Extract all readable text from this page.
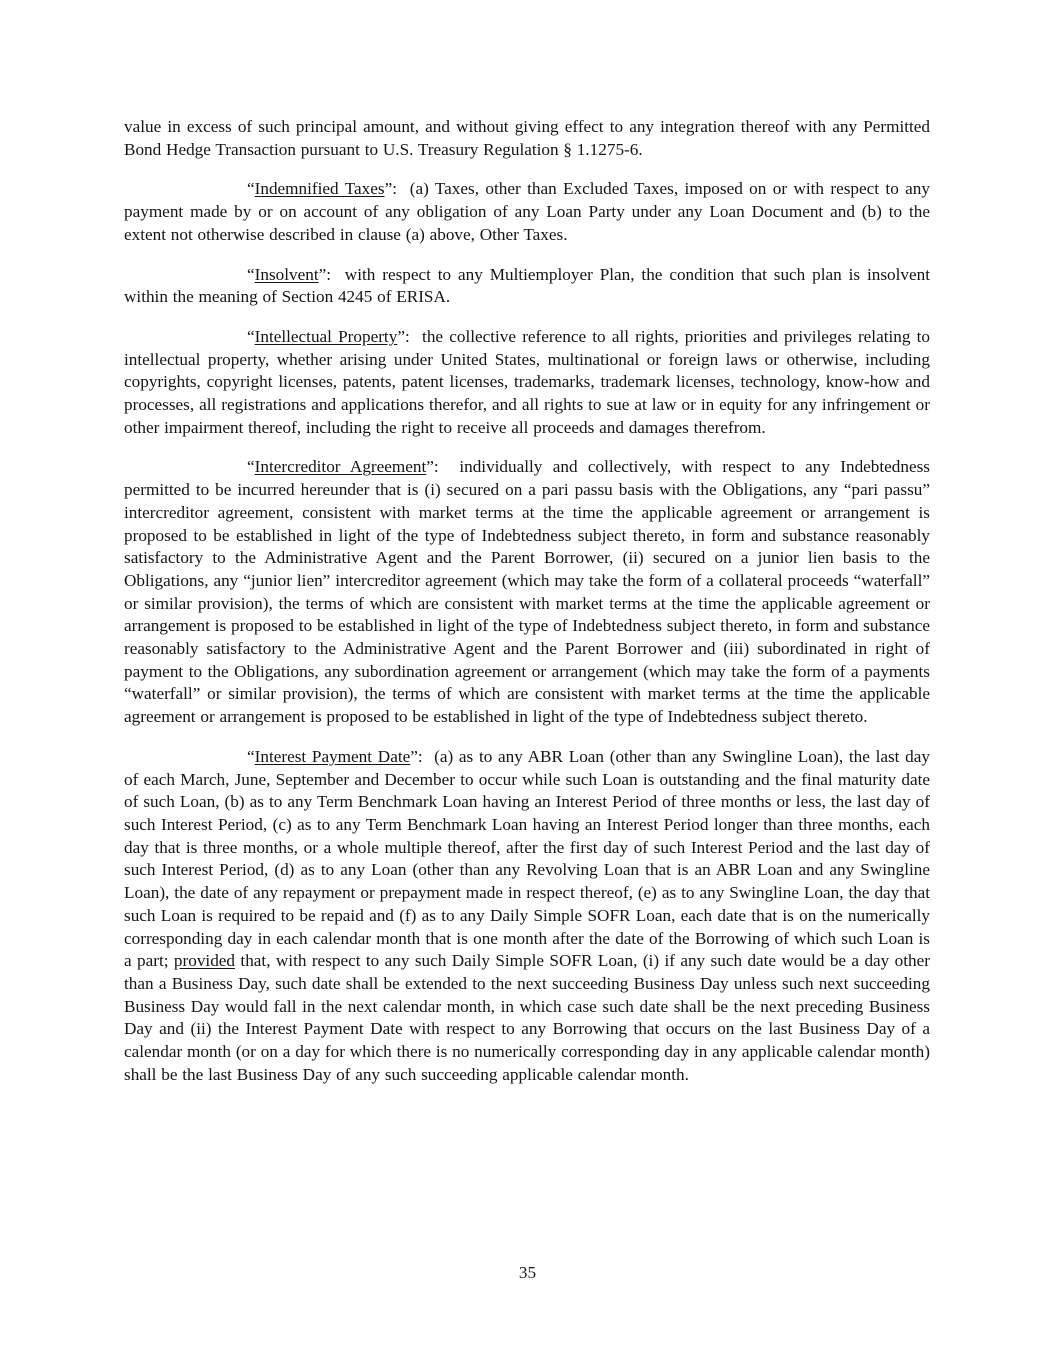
value in excess of such principal amount, and without giving effect to any integration thereof with any Permitted Bond Hedge Transaction pursuant to U.S. Treasury Regulation § 1.1275-6.

“Indemnified Taxes”:  (a) Taxes, other than Excluded Taxes, imposed on or with respect to any payment made by or on account of any obligation of any Loan Party under any Loan Document and (b) to the extent not otherwise described in clause (a) above, Other Taxes.

“Insolvent”:  with respect to any Multiemployer Plan, the condition that such plan is insolvent within the meaning of Section 4245 of ERISA.

“Intellectual Property”:  the collective reference to all rights, priorities and privileges relating to intellectual property, whether arising under United States, multinational or foreign laws or otherwise, including copyrights, copyright licenses, patents, patent licenses, trademarks, trademark licenses, technology, know-how and processes, all registrations and applications therefor, and all rights to sue at law or in equity for any infringement or other impairment thereof, including the right to receive all proceeds and damages therefrom.

“Intercreditor Agreement”:  individually and collectively, with respect to any Indebtedness permitted to be incurred hereunder that is (i) secured on a pari passu basis with the Obligations, any “pari passu” intercreditor agreement, consistent with market terms at the time the applicable agreement or arrangement is proposed to be established in light of the type of Indebtedness subject thereto, in form and substance reasonably satisfactory to the Administrative Agent and the Parent Borrower, (ii) secured on a junior lien basis to the Obligations, any “junior lien” intercreditor agreement (which may take the form of a collateral proceeds “waterfall” or similar provision), the terms of which are consistent with market terms at the time the applicable agreement or arrangement is proposed to be established in light of the type of Indebtedness subject thereto, in form and substance reasonably satisfactory to the Administrative Agent and the Parent Borrower and (iii) subordinated in right of payment to the Obligations, any subordination agreement or arrangement (which may take the form of a payments “waterfall” or similar provision), the terms of which are consistent with market terms at the time the applicable agreement or arrangement is proposed to be established in light of the type of Indebtedness subject thereto.

“Interest Payment Date”:  (a) as to any ABR Loan (other than any Swingline Loan), the last day of each March, June, September and December to occur while such Loan is outstanding and the final maturity date of such Loan, (b) as to any Term Benchmark Loan having an Interest Period of three months or less, the last day of such Interest Period, (c) as to any Term Benchmark Loan having an Interest Period longer than three months, each day that is three months, or a whole multiple thereof, after the first day of such Interest Period and the last day of such Interest Period, (d) as to any Loan (other than any Revolving Loan that is an ABR Loan and any Swingline Loan), the date of any repayment or prepayment made in respect thereof, (e) as to any Swingline Loan, the day that such Loan is required to be repaid and (f) as to any Daily Simple SOFR Loan, each date that is on the numerically corresponding day in each calendar month that is one month after the date of the Borrowing of which such Loan is a part; provided that, with respect to any such Daily Simple SOFR Loan, (i) if any such date would be a day other than a Business Day, such date shall be extended to the next succeeding Business Day unless such next succeeding Business Day would fall in the next calendar month, in which case such date shall be the next preceding Business Day and (ii) the Interest Payment Date with respect to any Borrowing that occurs on the last Business Day of a calendar month (or on a day for which there is no numerically corresponding day in any applicable calendar month) shall be the last Business Day of any such succeeding applicable calendar month.

35
